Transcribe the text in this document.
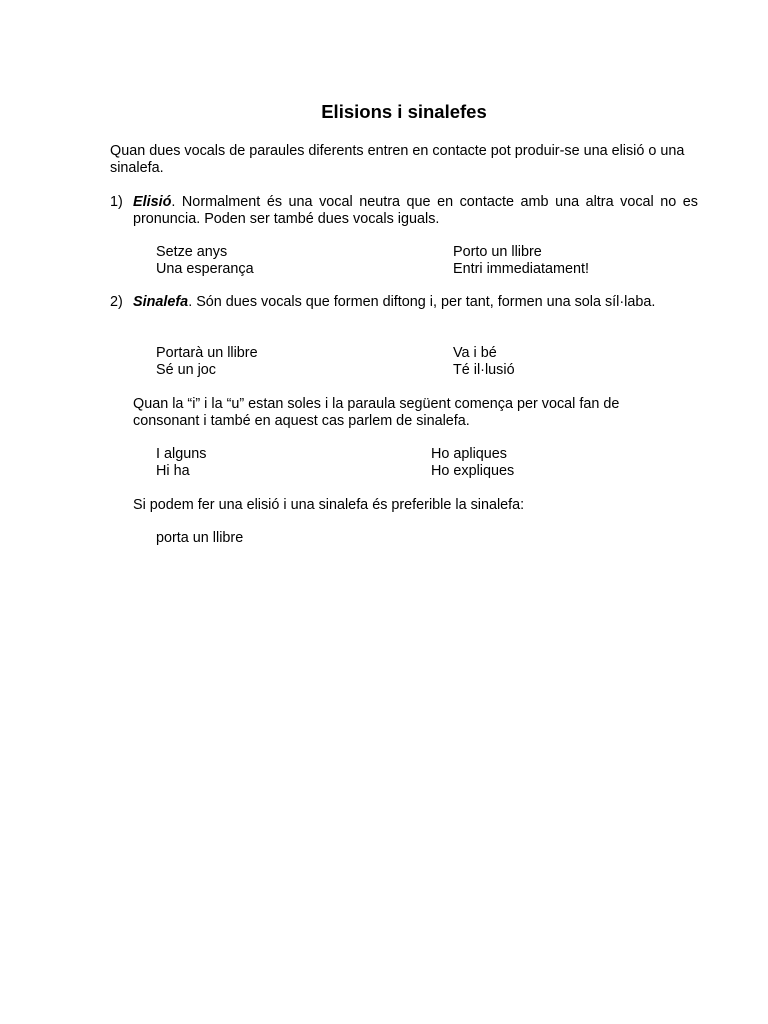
Elisions i sinalefes
Quan dues vocals de paraules diferents entren en contacte pot produir-se una elisió o una sinalefa.
1) Elisió. Normalment és una vocal neutra que en contacte amb una altra vocal no es pronuncia. Poden ser també dues vocals iguals.
Setze anys	Porto un llibre
Una esperança	Entri immediatament!
2) Sinalefa. Són dues vocals que formen diftong i, per tant, formen una sola síl·laba.
Portarà un llibre	Va i bé
Sé un joc	Té il·lusió
Quan la “i” i la “u” estan soles i la paraula següent comença per vocal fan de consonant i també en aquest cas parlem de sinalefa.
I alguns	Ho apliques
Hi ha	Ho expliques
Si podem fer una elisió i una sinalefa és preferible la sinalefa:
porta un llibre
